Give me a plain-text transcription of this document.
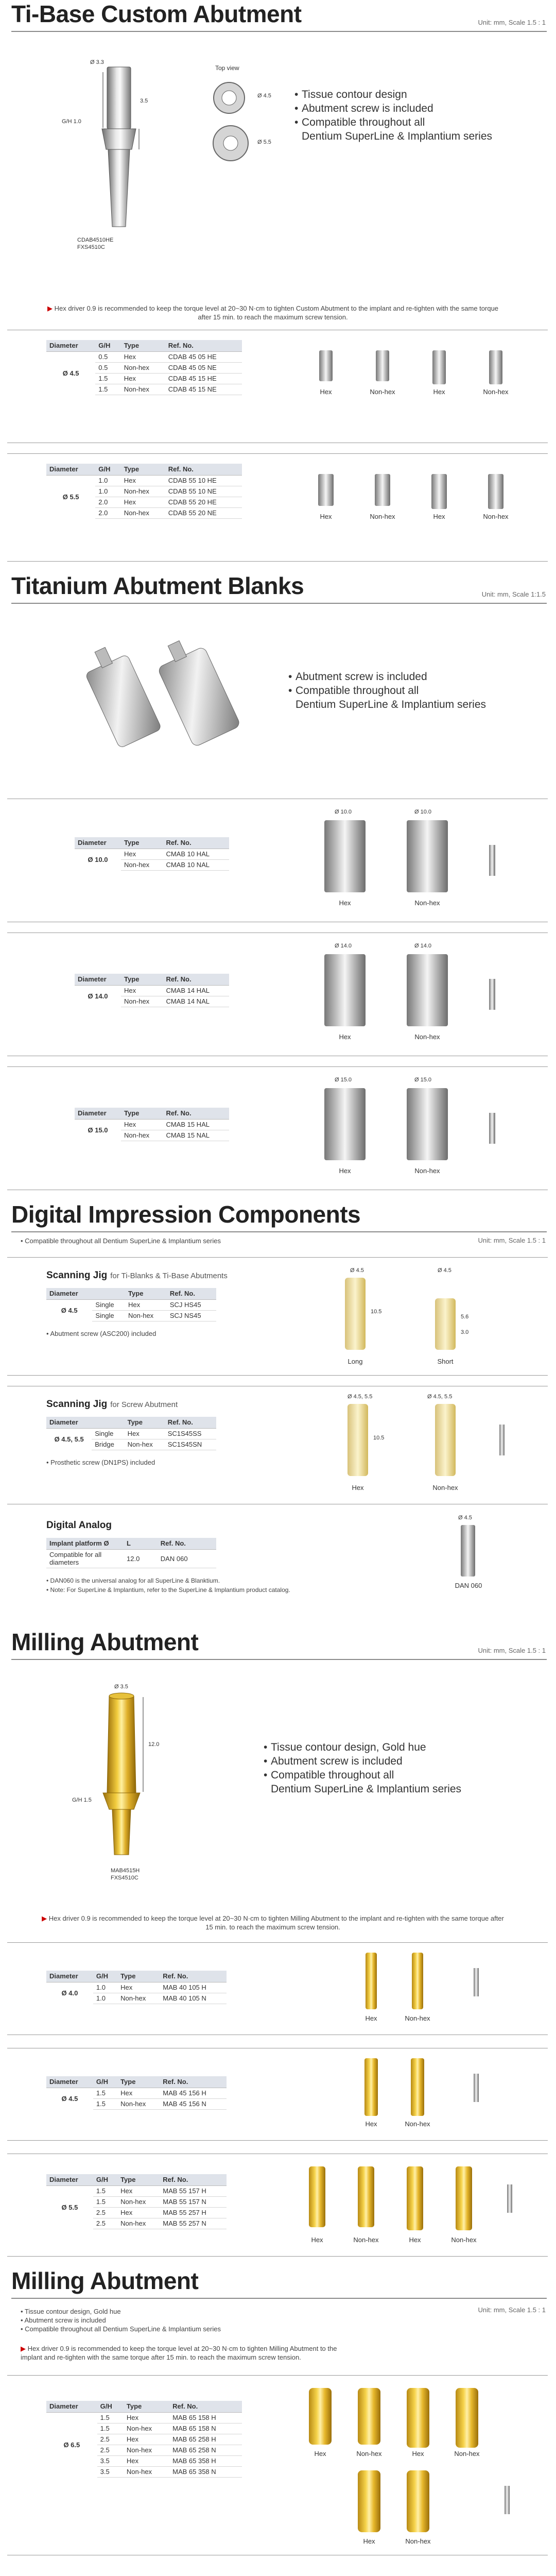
Ti-Base Custom Abutment	Unit: mm, Scale 1.5 : 1
Ø 3.3
3.5
G/H 1.0
CDAB4510HE
FXS4510C
Top view
Ø 4.5
Ø 5.5
• Tissue contour design
• Abutment screw is included
• Compatible throughout all
Dentium SuperLine & Implantium series
▶ Hex driver 0.9 is recommended to keep the torque level at 20~30 N·cm to tighten Custom Abutment to the implant and re-tighten with the same torque after 15 min. to reach the maximum screw tension.
Diameter	G/H	Type	Ref. No.
Ø 4.5	0.5	Hex	CDAB 45 05 HE
	0.5	Non-hex	CDAB 45 05 NE
	1.5	Hex	CDAB 45 15 HE
	1.5	Non-hex	CDAB 45 15 NE	Hex	Non-hex	Hex	Non-hex
Diameter	G/H	Type	Ref. No.
Ø 5.5	1.0	Hex	CDAB 55 10 HE
	1.0	Non-hex	CDAB 55 10 NE
	2.0	Hex	CDAB 55 20 HE
	2.0	Non-hex	CDAB 55 20 NE	Hex	Non-hex	Hex	Non-hex
Titanium Abutment Blanks	Unit: mm, Scale 1:1.5
• Abutment screw is included
• Compatible throughout all
Dentium SuperLine & Implantium series
Diameter	Type	Ref. No.
Ø 10.0	Hex	CMAB 10 HAL
	Non-hex	CMAB 10 NAL
Ø 10.0	Ø 10.0
Hex	Non-hex
Diameter	Type	Ref. No.
Ø 14.0	Hex	CMAB 14 HAL
	Non-hex	CMAB 14 NAL
Ø 14.0	Ø 14.0
Hex	Non-hex
Diameter	Type	Ref. No.
Ø 15.0	Hex	CMAB 15 HAL
	Non-hex	CMAB 15 NAL
Ø 15.0	Ø 15.0
Hex	Non-hex
Digital Impression Components
Unit: mm, Scale 1.5 : 1
• Compatible throughout all Dentium SuperLine & Implantium series
Scanning Jig for Ti-Blanks & Ti-Base Abutments
Diameter		Type	Ref. No.
Ø 4.5	Single	Hex	SCJ HS45
	Single	Non-hex	SCJ NS45
• Abutment screw (ASC200) included
Ø 4.5	Ø 4.5
10.5
5.6
3.0
Long	Short
Scanning Jig for Screw Abutment
Diameter		Type	Ref. No.
Ø 4.5, 5.5	Single	Hex	SC1S45SS
	Bridge	Non-hex	SC1S45SN
• Prosthetic screw (DN1PS) included
Ø 4.5, 5.5	Ø 4.5, 5.5
10.5
Hex	Non-hex
Digital Analog
Implant platform Ø	L	Ref. No.
Compatible for all diameters	12.0	DAN 060
• DAN060 is the universal analog for all SuperLine & Blanktium.
• Note: For SuperLine & Implantium, refer to the SuperLine & Implantium product catalog.
Ø 4.5
DAN 060
Milling Abutment	Unit: mm, Scale 1.5 : 1
Ø 3.5
12.0
G/H 1.5
MAB4515H
FXS4510C
• Tissue contour design, Gold hue
• Abutment screw is included
• Compatible throughout all
Dentium SuperLine & Implantium series
▶ Hex driver 0.9 is recommended to keep the torque level at 20~30 N·cm to tighten Milling Abutment to the implant and re-tighten with the same torque after 15 min. to reach the maximum screw tension.
Diameter	G/H	Type	Ref. No.
Ø 4.0	1.0	Hex	MAB 40 105 H
	1.0	Non-hex	MAB 40 105 N
Hex	Non-hex
Diameter	G/H	Type	Ref. No.
Ø 4.5	1.5	Hex	MAB 45 156 H
	1.5	Non-hex	MAB 45 156 N
Hex	Non-hex
Diameter	G/H	Type	Ref. No.
Ø 5.5	1.5	Hex	MAB 55 157 H
	1.5	Non-hex	MAB 55 157 N
	2.5	Hex	MAB 55 257 H
	2.5	Non-hex	MAB 55 257 N
Hex	Non-hex	Hex	Non-hex
Milling Abutment
Unit: mm, Scale 1.5 : 1
• Tissue contour design, Gold hue
• Abutment screw is included
• Compatible throughout all Dentium SuperLine & Implantium series
▶ Hex driver 0.9 is recommended to keep the torque level at 20~30 N·cm to tighten Milling Abutment to the implant and re-tighten with the same torque after 15 min. to reach the maximum screw tension.
Diameter	G/H	Type	Ref. No.
Ø 6.5	1.5	Hex	MAB 65 158 H
	1.5	Non-hex	MAB 65 158 N
	2.5	Hex	MAB 65 258 H
	2.5	Non-hex	MAB 65 258 N
	3.5	Hex	MAB 65 358 H
	3.5	Non-hex	MAB 65 358 N
Hex	Non-hex	Hex	Non-hex
Hex	Non-hex
